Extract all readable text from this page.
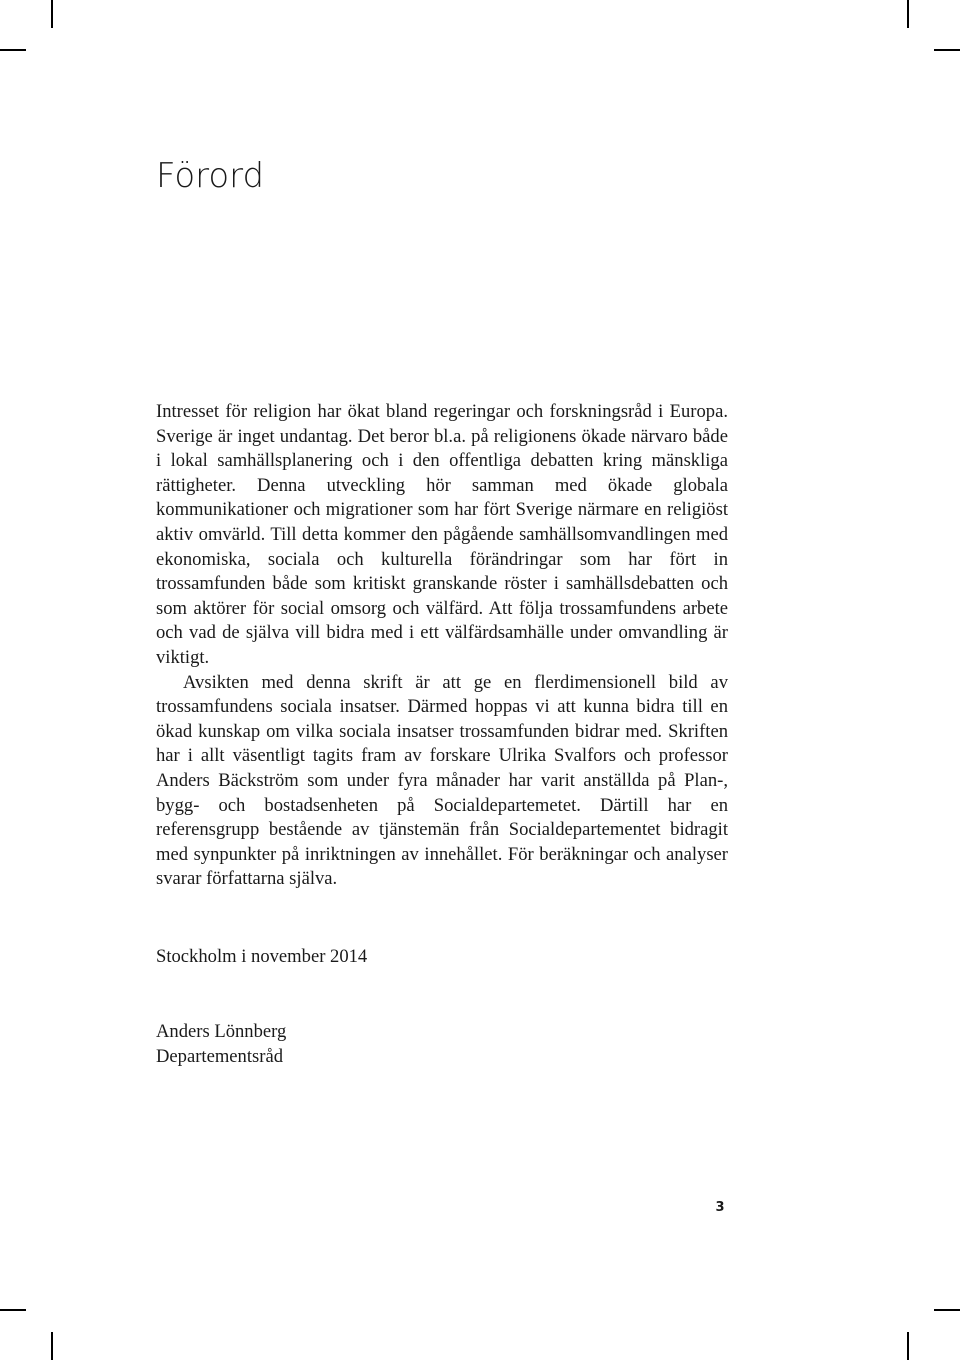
Förord

Intresset för religion har ökat bland regeringar och forskningsråd i Europa. Sverige är inget undantag. Det beror bl.a. på religionens ökade närvaro både i lokal samhällsplanering och i den offentliga debatten kring mänskliga rättigheter. Denna utveckling hör samman med ökade globala kommunikationer och migrationer som har fört Sverige närmare en religiöst aktiv omvärld. Till detta kommer den pågående samhällsomvandlingen med ekonomiska, sociala och kulturella förändringar som har fört in trossamfunden både som kritiskt granskande röster i samhällsdebatten och som aktörer för social omsorg och välfärd. Att följa trossamfundens arbete och vad de själva vill bidra med i ett välfärdsamhälle under omvandling är viktigt.

Avsikten med denna skrift är att ge en flerdimensionell bild av trossamfundens sociala insatser. Därmed hoppas vi att kunna bidra till en ökad kunskap om vilka sociala insatser trossamfunden bidrar med. Skriften har i allt väsentligt tagits fram av forskare Ulrika Svalfors och professor Anders Bäckström som under fyra månader har varit anställda på Plan-, bygg- och bostadsenheten på Socialdepartemetet. Därtill har en referensgrupp bestående av tjänstemän från Socialdepartementet bidragit med synpunkter på inriktningen av innehållet. För beräkningar och analyser svarar författarna själva.

Stockholm i november 2014

Anders Lönnberg
Departementsråd
3
